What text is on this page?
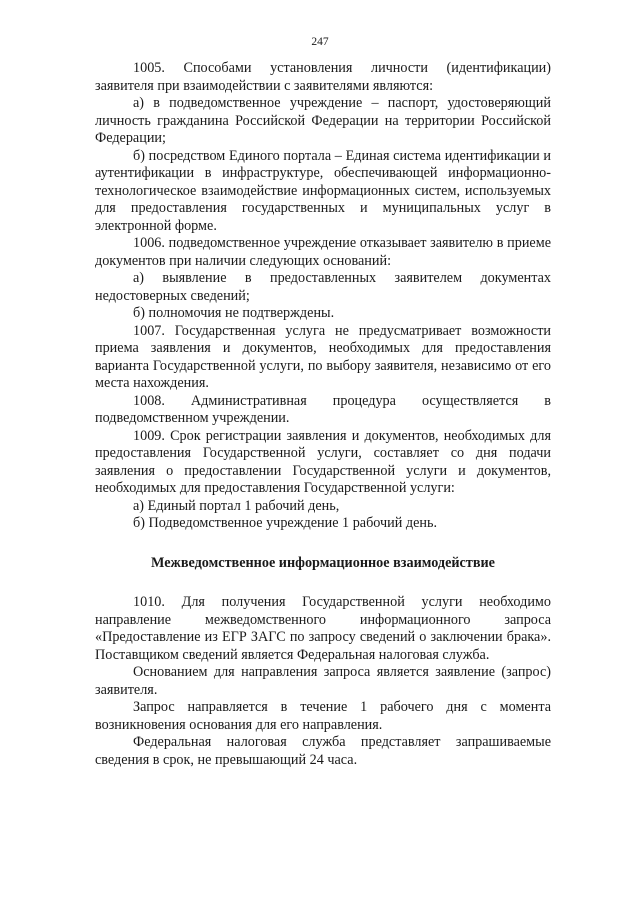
247

1005. Способами установления личности (идентификации) заявителя при взаимодействии с заявителями являются:

а) в подведомственное учреждение – паспорт, удостоверяющий личность гражданина Российской Федерации на территории Российской Федерации;

б) посредством Единого портала – Единая система идентификации и аутентификации в инфраструктуре, обеспечивающей информационно-технологическое взаимодействие информационных систем, используемых для предоставления государственных и муниципальных услуг в электронной форме.

1006. подведомственное учреждение отказывает заявителю в приеме документов при наличии следующих оснований:

а) выявление в предоставленных заявителем документах недостоверных сведений;

б) полномочия не подтверждены.

1007. Государственная услуга не предусматривает возможности приема заявления и документов, необходимых для предоставления варианта Государственной услуги, по выбору заявителя, независимо от его места нахождения.

1008. Административная процедура осуществляется в подведомственном учреждении.

1009. Срок регистрации заявления и документов, необходимых для предоставления Государственной услуги, составляет со дня подачи заявления о предоставлении Государственной услуги и документов, необходимых для предоставления Государственной услуги:

а) Единый портал 1 рабочий день,

б) Подведомственное учреждение 1 рабочий день.

Межведомственное информационное взаимодействие

1010. Для получения Государственной услуги необходимо направление межведомственного информационного запроса «Предоставление из ЕГР ЗАГС по запросу сведений о заключении брака». Поставщиком сведений является Федеральная налоговая служба.

Основанием для направления запроса является заявление (запрос) заявителя.

Запрос направляется в течение 1 рабочего дня с момента возникновения основания для его направления.

Федеральная налоговая служба представляет запрашиваемые сведения в срок, не превышающий 24 часа.
